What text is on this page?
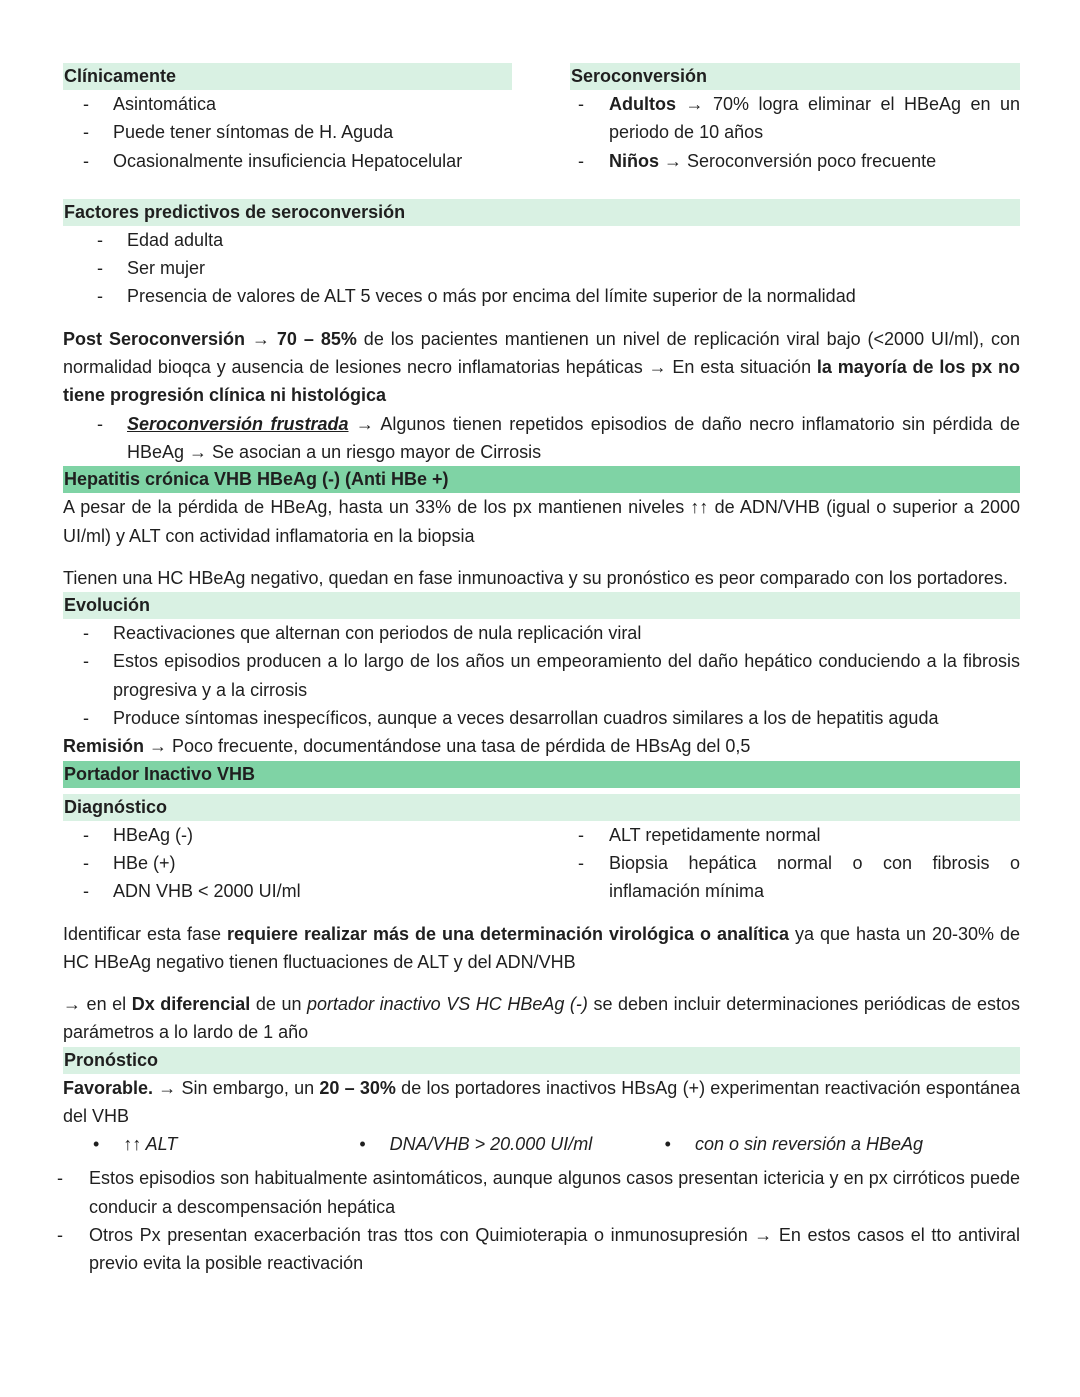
Clínicamente
- Asintomática
- Puede tener síntomas de H. Aguda
- Ocasionalmente insuficiencia Hepatocelular
Seroconversión
- Adultos → 70% logra eliminar el HBeAg en un periodo de 10 años
- Niños → Seroconversión poco frecuente
Factores predictivos de seroconversión
- Edad adulta
- Ser mujer
- Presencia de valores de ALT 5 veces o más por encima del límite superior de la normalidad
Post Seroconversión → 70 – 85% de los pacientes mantienen un nivel de replicación viral bajo (<2000 UI/ml), con normalidad bioqca y ausencia de lesiones necro inflamatorias hepáticas → En esta situación la mayoría de los px no tiene progresión clínica ni histológica
- Seroconversión frustrada → Algunos tienen repetidos episodios de daño necro inflamatorio sin pérdida de HBeAg → Se asocian a un riesgo mayor de Cirrosis
Hepatitis crónica VHB HBeAg (-) (Anti HBe +)
A pesar de la pérdida de HBeAg, hasta un 33% de los px mantienen niveles ↑↑ de ADN/VHB (igual o superior a 2000 UI/ml) y ALT con actividad inflamatoria en la biopsia
Tienen una HC HBeAg negativo, quedan en fase inmunoactiva y su pronóstico es peor comparado con los portadores.
Evolución
- Reactivaciones que alternan con periodos de nula replicación viral
- Estos episodios producen a lo largo de los años un empeoramiento del daño hepático conduciendo a la fibrosis progresiva y a la cirrosis
- Produce síntomas inespecíficos, aunque a veces desarrollan cuadros similares a los de hepatitis aguda
Remisión → Poco frecuente, documentándose una tasa de pérdida de HBsAg del 0,5
Portador Inactivo VHB
Diagnóstico
- HBeAg (-)
- HBe (+)
- ADN VHB < 2000 UI/ml
- ALT repetidamente normal
- Biopsia hepática normal o con fibrosis o inflamación mínima
Identificar esta fase requiere realizar más de una determinación virológica o analítica ya que hasta un 20-30% de HC HBeAg negativo tienen fluctuaciones de ALT y del ADN/VHB
→ en el Dx diferencial de un portador inactivo VS HC HBeAg (-) se deben incluir determinaciones periódicas de estos parámetros a lo lardo de 1 año
Pronóstico
Favorable. → Sin embargo, un 20 – 30% de los portadores inactivos HBsAg (+) experimentan reactivación espontánea del VHB
• ↑↑ ALT	• DNA/VHB > 20.000 UI/ml	• con o sin reversión a HBeAg
- Estos episodios son habitualmente asintomáticos, aunque algunos casos presentan ictericia y en px cirróticos puede conducir a descompensación hepática
- Otros Px presentan exacerbación tras ttos con Quimioterapia o inmunosupresión → En estos casos el tto antiviral previo evita la posible reactivación
